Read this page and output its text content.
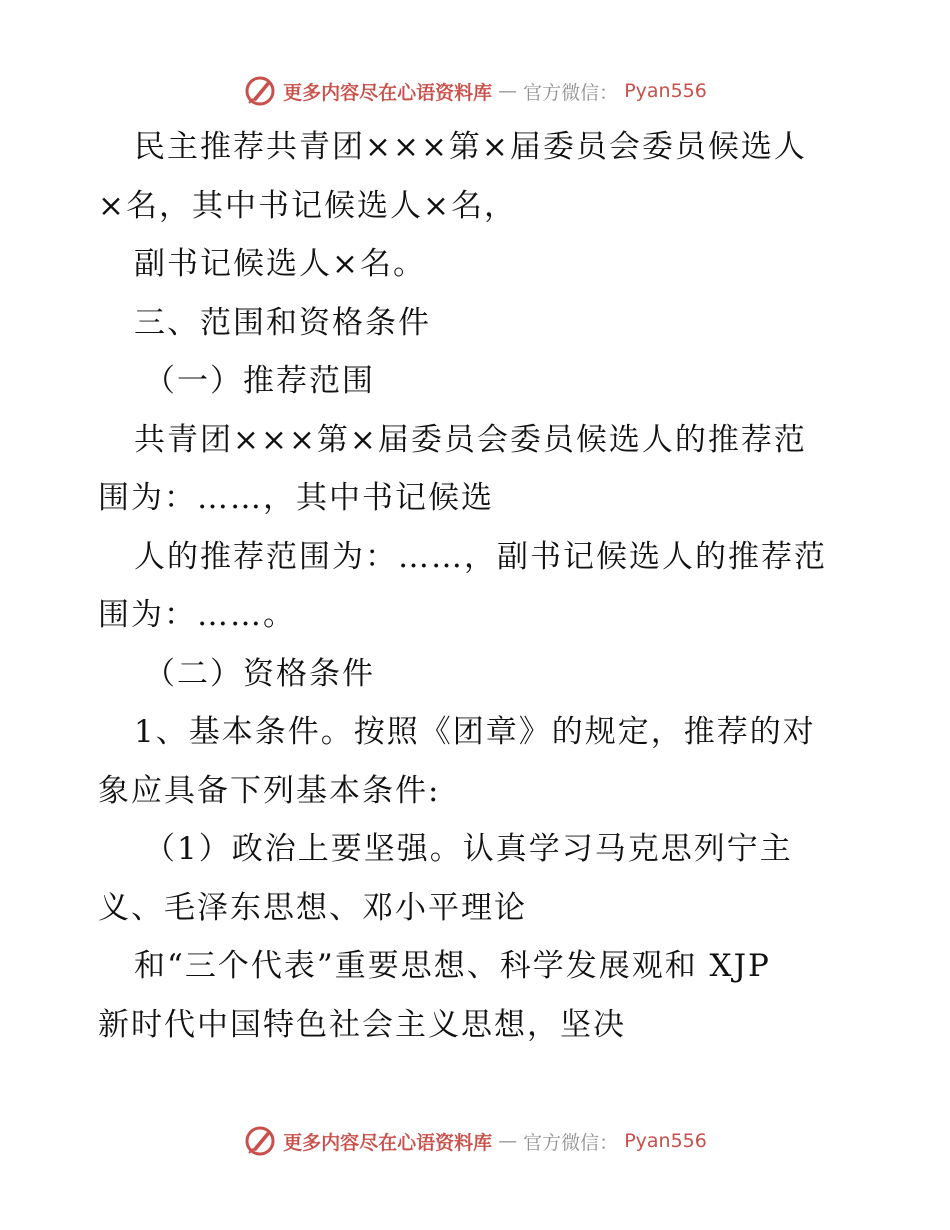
更多内容尽在心语资料库 — 官方微信： Pyan556
民主推荐共青团×××第×届委员会委员候选人
×名，其中书记候选人×名，
副书记候选人×名。
三、范围和资格条件
（一）推荐范围
共青团×××第×届委员会委员候选人的推荐范
围为：……，其中书记候选
人的推荐范围为：……，副书记候选人的推荐范
围为：……。
（二）资格条件
1、基本条件。按照《团章》的规定，推荐的对
象应具备下列基本条件:
（1）政治上要坚强。认真学习马克思列宁主
义、毛泽东思想、邓小平理论
和“三个代表”重要思想、科学发展观和 XJP
新时代中国特色社会主义思想，坚决
更多内容尽在心语资料库 — 官方微信： Pyan556
